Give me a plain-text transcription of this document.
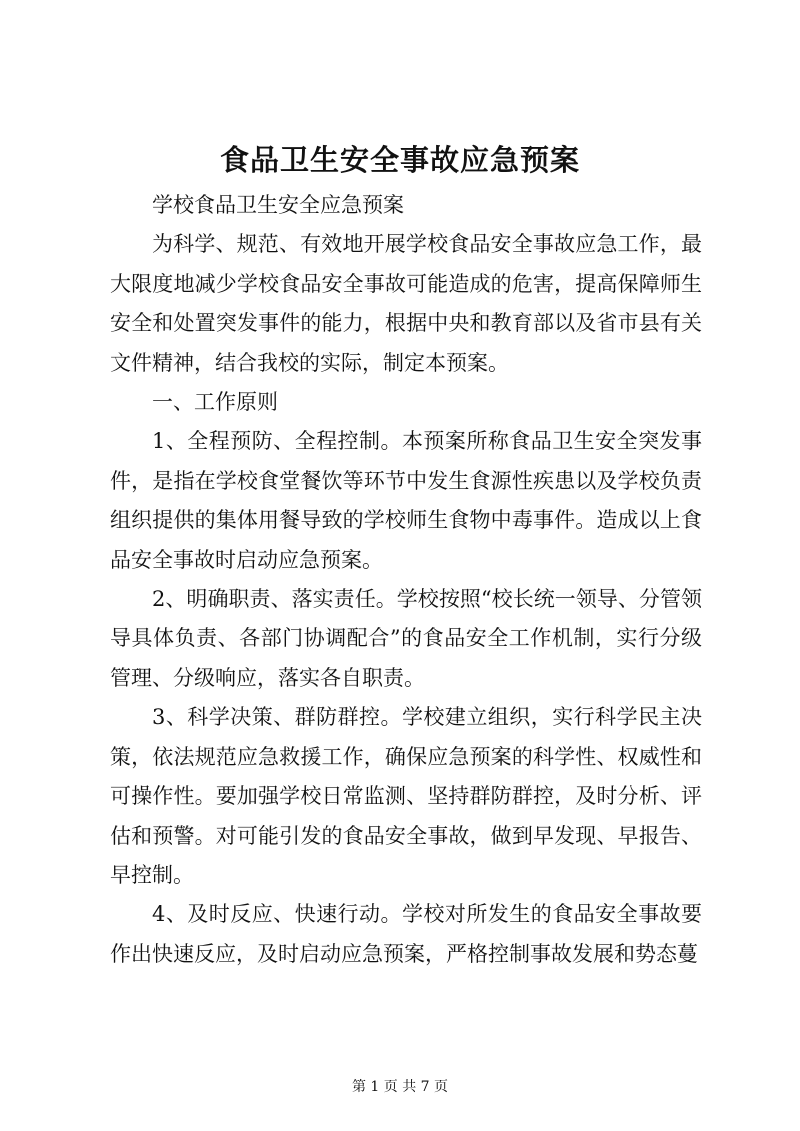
食品卫生安全事故应急预案

学校食品卫生安全应急预案

为科学、规范、有效地开展学校食品安全事故应急工作，最大限度地减少学校食品安全事故可能造成的危害，提高保障师生安全和处置突发事件的能力，根据中央和教育部以及省市县有关文件精神，结合我校的实际，制定本预案。

一、工作原则

1、全程预防、全程控制。本预案所称食品卫生安全突发事件，是指在学校食堂餐饮等环节中发生食源性疾患以及学校负责组织提供的集体用餐导致的学校师生食物中毒事件。造成以上食品安全事故时启动应急预案。

2、明确职责、落实责任。学校按照“校长统一领导、分管领导具体负责、各部门协调配合”的食品安全工作机制，实行分级管理、分级响应，落实各自职责。

3、科学决策、群防群控。学校建立组织，实行科学民主决策，依法规范应急救援工作，确保应急预案的科学性、权威性和可操作性。要加强学校日常监测、坚持群防群控，及时分析、评估和预警。对可能引发的食品安全事故，做到早发现、早报告、早控制。

4、及时反应、快速行动。学校对所发生的食品安全事故要作出快速反应，及时启动应急预案，严格控制事故发展和势态蔓

第 1 页 共 7 页
